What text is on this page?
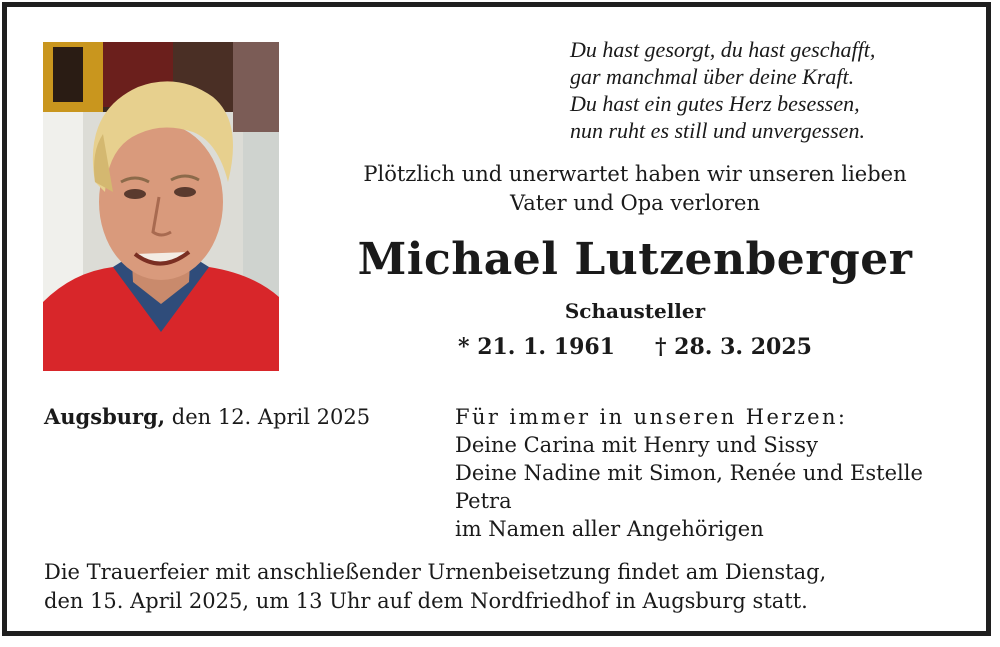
Du hast gesorgt, du hast geschafft,
gar manchmal über deine Kraft.
Du hast ein gutes Herz besessen,
nun ruht es still und unvergessen.
Plötzlich und unerwartet haben wir unseren lieben
Vater und Opa verloren
Michael Lutzenberger
Schausteller
* 21. 1. 1961 † 28. 3. 2025
Augsburg, den 12. April 2025	Für immer in unseren Herzen:
Deine Carina mit Henry und Sissy
Deine Nadine mit Simon, Renée und Estelle
Petra
im Namen aller Angehörigen
Die Trauerfeier mit anschließender Urnenbeisetzung findet am Dienstag,
den 15. April 2025, um 13 Uhr auf dem Nordfriedhof in Augsburg statt.
